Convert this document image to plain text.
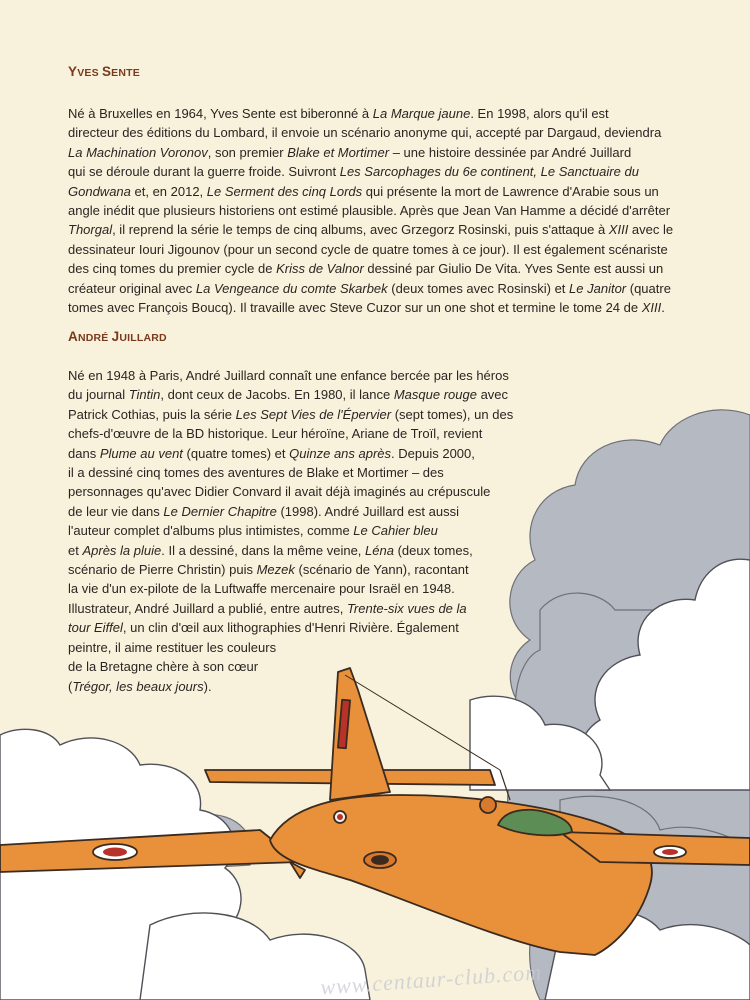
YVES SENTE
Né à Bruxelles en 1964, Yves Sente est biberonné à La Marque jaune. En 1998, alors qu'il est
directeur des éditions du Lombard, il envoie un scénario anonyme qui, accepté par Dargaud, deviendra
La Machination Voronov, son premier Blake et Mortimer – une histoire dessinée par André Juillard
qui se déroule durant la guerre froide. Suivront Les Sarcophages du 6e continent, Le Sanctuaire du
Gondwana et, en 2012, Le Serment des cinq Lords qui présente la mort de Lawrence d'Arabie sous un
angle inédit que plusieurs historiens ont estimé plausible. Après que Jean Van Hamme a décidé d'arrêter
Thorgal, il reprend la série le temps de cinq albums, avec Grzegorz Rosinski, puis s'attaque à XIII avec le
dessinateur Iouri Jigounov (pour un second cycle de quatre tomes à ce jour). Il est également scénariste
des cinq tomes du premier cycle de Kriss de Valnor dessiné par Giulio De Vita. Yves Sente est aussi un
créateur original avec La Vengeance du comte Skarbek (deux tomes avec Rosinski) et Le Janitor (quatre
tomes avec François Boucq). Il travaille avec Steve Cuzor sur un one shot et termine le tome 24 de XIII.
ANDRÉ JUILLARD
Né en 1948 à Paris, André Juillard connaît une enfance bercée par les héros
du journal Tintin, dont ceux de Jacobs. En 1980, il lance Masque rouge avec
Patrick Cothias, puis la série Les Sept Vies de l'Épervier (sept tomes), un des
chefs-d'œuvre de la BD historique. Leur héroïne, Ariane de Troïl, revient
dans Plume au vent (quatre tomes) et Quinze ans après. Depuis 2000,
il a dessiné cinq tomes des aventures de Blake et Mortimer – des
personnages qu'avec Didier Convard il avait déjà imaginés au crépuscule
de leur vie dans Le Dernier Chapitre (1998). André Juillard est aussi
l'auteur complet d'albums plus intimistes, comme Le Cahier bleu
et Après la pluie. Il a dessiné, dans la même veine, Léna (deux tomes,
scénario de Pierre Christin) puis Mezek (scénario de Yann), racontant
la vie d'un ex-pilote de la Luftwaffe mercenaire pour Israël en 1948.
Illustrateur, André Juillard a publié, entre autres, Trente-six vues de la
tour Eiffel, un clin d'œil aux lithographies d'Henri Rivière. Également
peintre, il aime restituer les couleurs
de la Bretagne chère à son cœur
(Trégor, les beaux jours).
www.centaur-club.com
